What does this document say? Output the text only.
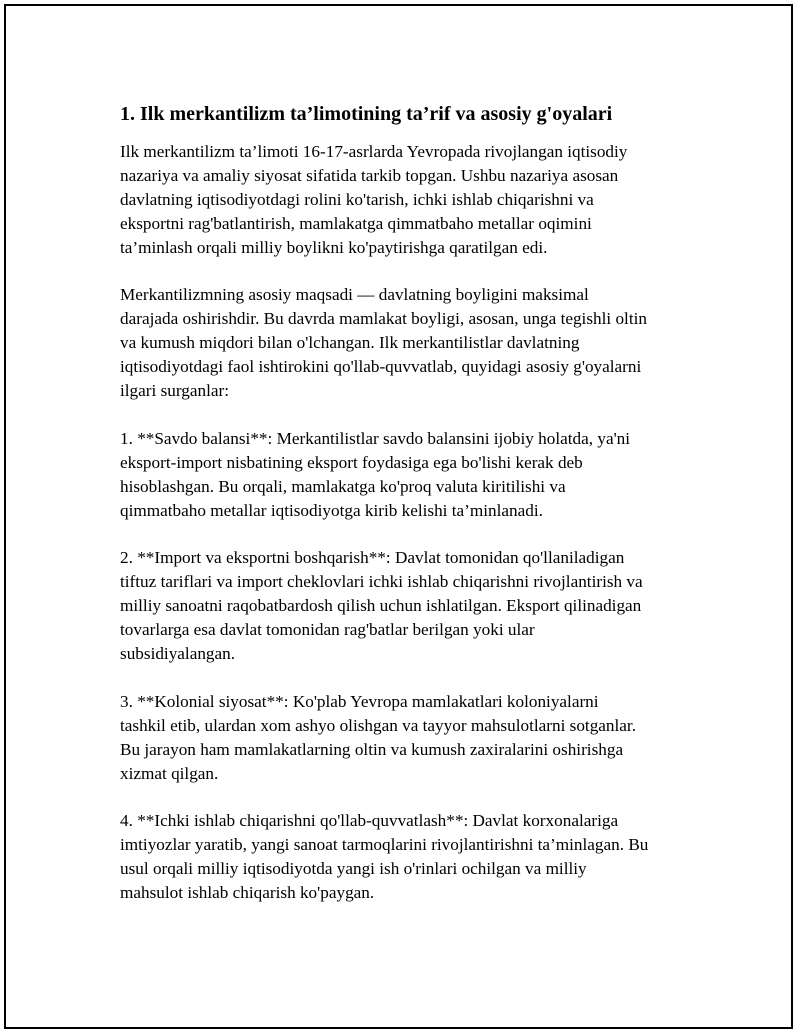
1. Ilk merkantilizm ta’limotining ta’rif va asosiy g'oyalari

Ilk merkantilizm ta’limoti 16-17-asrlarda Yevropada rivojlangan iqtisodiy
nazariya va amaliy siyosat sifatida tarkib topgan. Ushbu nazariya asosan
davlatning iqtisodiyotdagi rolini ko'tarish, ichki ishlab chiqarishni va
eksportni rag'batlantirish, mamlakatga qimmatbaho metallar oqimini
ta’minlash orqali milliy boylikni ko'paytirishga qaratilgan edi.

Merkantilizmning asosiy maqsadi — davlatning boyligini maksimal
darajada oshirishdir. Bu davrda mamlakat boyligi, asosan, unga tegishli oltin
va kumush miqdori bilan o'lchangan. Ilk merkantilistlar davlatning
iqtisodiyotdagi faol ishtirokini qo'llab-quvvatlab, quyidagi asosiy g'oyalarni
ilgari surganlar:

1. **Savdo balansi**: Merkantilistlar savdo balansini ijobiy holatda, ya'ni
eksport-import nisbatining eksport foydasiga ega bo'lishi kerak deb
hisoblashgan. Bu orqali, mamlakatga ko'proq valuta kiritilishi va
qimmatbaho metallar iqtisodiyotga kirib kelishi ta’minlanadi.

2. **Import va eksportni boshqarish**: Davlat tomonidan qo'llaniladigan
tiftuz tariflari va import cheklovlari ichki ishlab chiqarishni rivojlantirish va
milliy sanoatni raqobatbardosh qilish uchun ishlatilgan. Eksport qilinadigan
tovarlarga esa davlat tomonidan rag'batlar berilgan yoki ular
subsidiyalangan.

3. **Kolonial siyosat**: Ko'plab Yevropa mamlakatlari koloniyalarni
tashkil etib, ulardan xom ashyo olishgan va tayyor mahsulotlarni sotganlar.
Bu jarayon ham mamlakatlarning oltin va kumush zaxiralarini oshirishga
xizmat qilgan.

4. **Ichki ishlab chiqarishni qo'llab-quvvatlash**: Davlat korxonalariga
imtiyozlar yaratib, yangi sanoat tarmoqlarini rivojlantirishni ta’minlagan. Bu
usul orqali milliy iqtisodiyotda yangi ish o'rinlari ochilgan va milliy
mahsulot ishlab chiqarish ko'paygan.
